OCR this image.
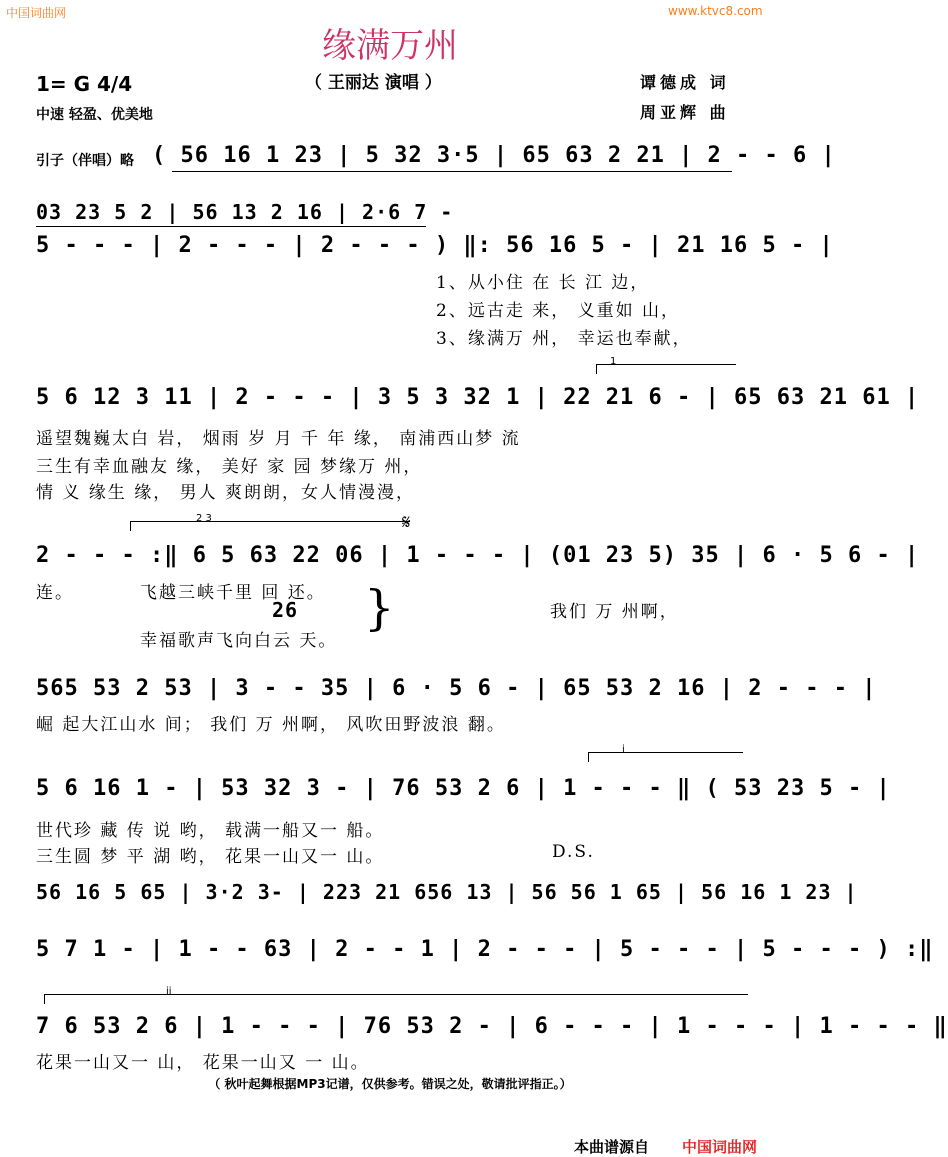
中国词曲网	www.ktvc8.com
缘满万州
（ 王丽达 演唱 ）
1= G 4/4
中速 轻盈、优美地
谭德成 词
周亚辉 曲
引子（伴唱）略 ( 56 16 1 23 | 5 32 3·5 | 65 63 2 21 | 2 - - 6 |
03 23 5 2 | 56 13 2 16 | 2·6 7 -
5 - - - | 2 - - - | 2 - - - ) ‖: 56 16 5 - | 21 16 5 - |
1、从小住 在 长 江 边，
2、远古走 来， 义重如 山，
3、缘满万 州， 幸运也奉献，
1
5 6 12 3 11 | 2 - - - | 3 5 3 32 1 | 22 21 6 - | 65 63 21 61 |
遥望魏巍太白 岩， 烟雨 岁 月 千 年 缘， 南浦西山梦 流
三生有幸血融友 缘， 美好 家 园 梦缘万 州，
情 义 缘生 缘， 男人 爽朗朗，女人情漫漫，
2 3	𝄋
2 - - - :‖ 6 5 63 22 06 | 1 - - - | (01 23 5) 35 | 6 · 5 6 - |
连。	飞越三峡千里 回 还。
26
幸福歌声飞向白云 天。
}	我们 万 州啊，
565 53 2 53 | 3 - - 35 | 6 · 5 6 - | 65 53 2 16 | 2 - - - |
崛 起大江山水 间； 我们 万 州啊， 风吹田野波浪 翻。
i
5 6 16 1 - | 53 32 3 - | 76 53 2 6 | 1 - - - ‖ ( 53 23 5 - |
世代珍 藏 传 说 哟， 载满一船又一 船。
三生圆 梦 平 湖 哟， 花果一山又一 山。	D.S.
56 16 5 65 | 3·2 3- | 223 21 656 13 | 56 56 1 65 | 56 16 1 23 |
5 7 1 - | 1 - - 63 | 2 - - 1 | 2 - - - | 5 - - - | 5 - - - ) :‖
ii
7 6 53 2 6 | 1 - - - | 76 53 2 - | 6 - - - | 1 - - - | 1 - - - ‖
花果一山又一 山， 花果一山又 一 山。
（ 秋叶起舞根据MP3记谱，仅供参考。错误之处，敬请批评指正。）
本曲谱源自 中国词曲网
